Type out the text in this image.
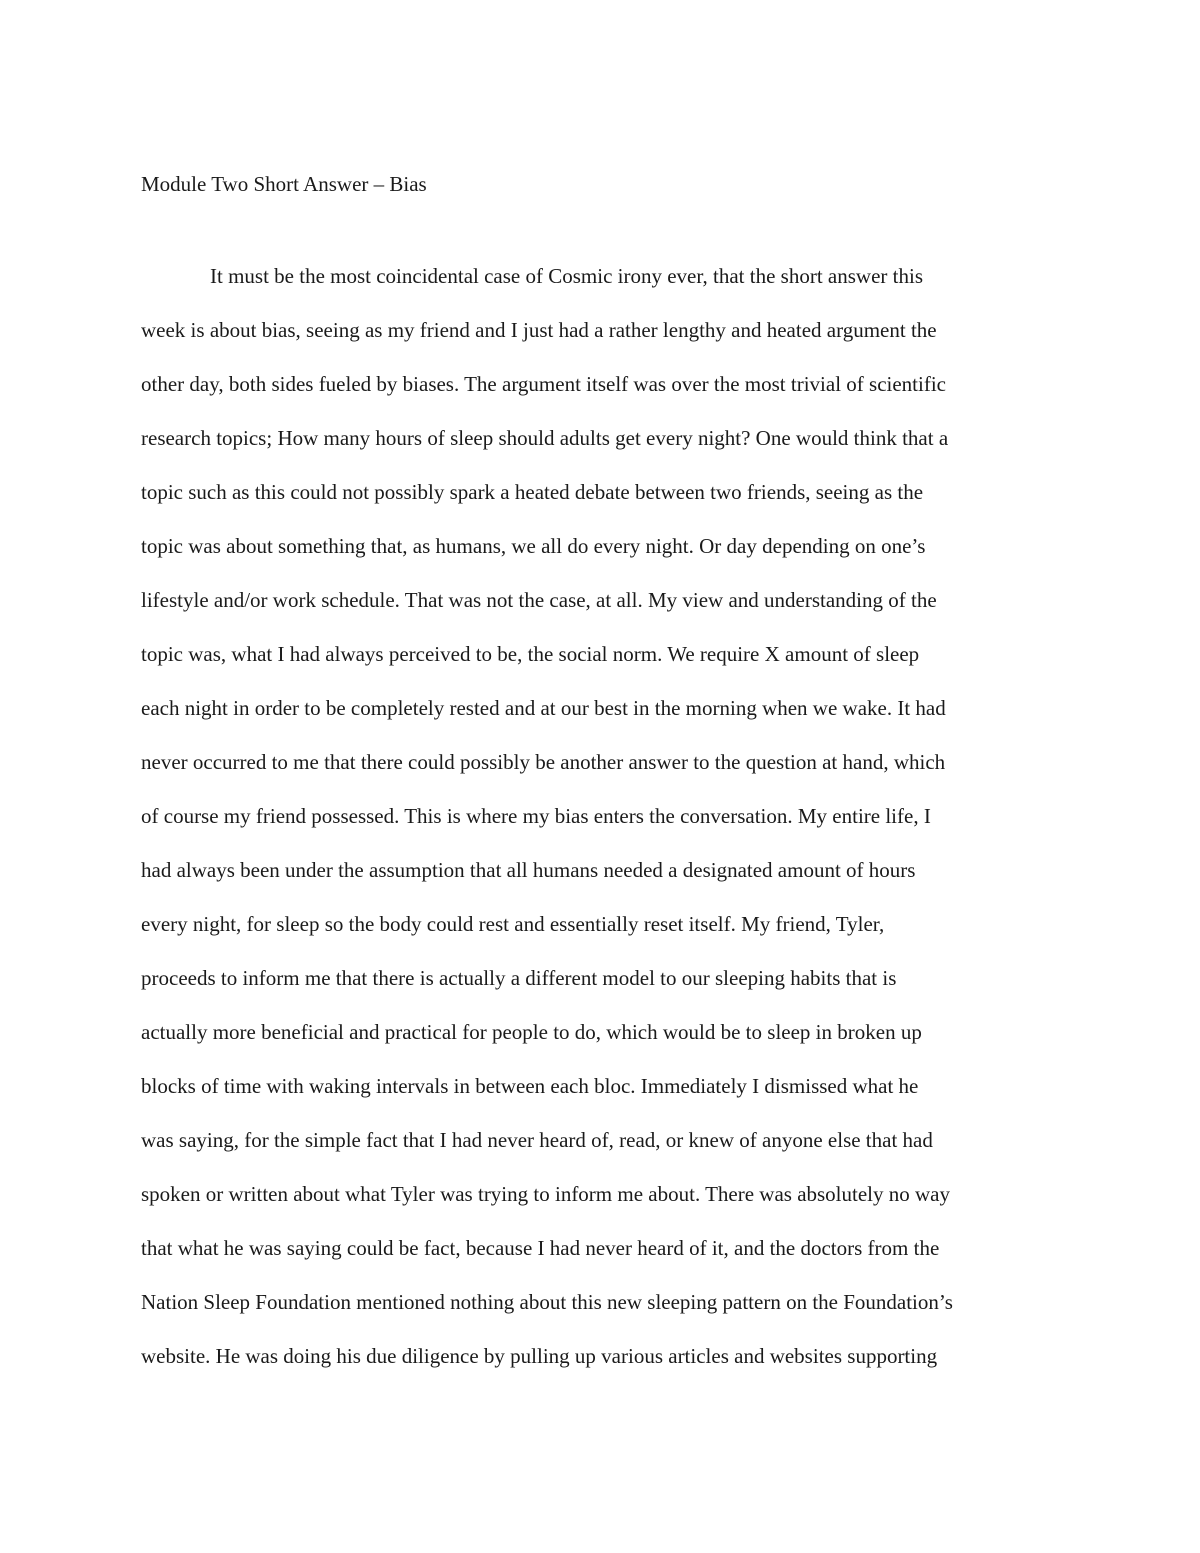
Module Two Short Answer – Bias
It must be the most coincidental case of Cosmic irony ever, that the short answer this
week is about bias, seeing as my friend and I just had a rather lengthy and heated argument the
other day, both sides fueled by biases. The argument itself was over the most trivial of scientific
research topics; How many hours of sleep should adults get every night? One would think that a
topic such as this could not possibly spark a heated debate between two friends, seeing as the
topic was about something that, as humans, we all do every night. Or day depending on one’s
lifestyle and/or work schedule. That was not the case, at all. My view and understanding of the
topic was, what I had always perceived to be, the social norm. We require X amount of sleep
each night in order to be completely rested and at our best in the morning when we wake. It had
never occurred to me that there could possibly be another answer to the question at hand, which
of course my friend possessed. This is where my bias enters the conversation. My entire life, I
had always been under the assumption that all humans needed a designated amount of hours
every night, for sleep so the body could rest and essentially reset itself. My friend, Tyler,
proceeds to inform me that there is actually a different model to our sleeping habits that is
actually more beneficial and practical for people to do, which would be to sleep in broken up
blocks of time with waking intervals in between each bloc. Immediately I dismissed what he
was saying, for the simple fact that I had never heard of, read, or knew of anyone else that had
spoken or written about what Tyler was trying to inform me about. There was absolutely no way
that what he was saying could be fact, because I had never heard of it, and the doctors from the
Nation Sleep Foundation mentioned nothing about this new sleeping pattern on the Foundation’s
website. He was doing his due diligence by pulling up various articles and websites supporting
